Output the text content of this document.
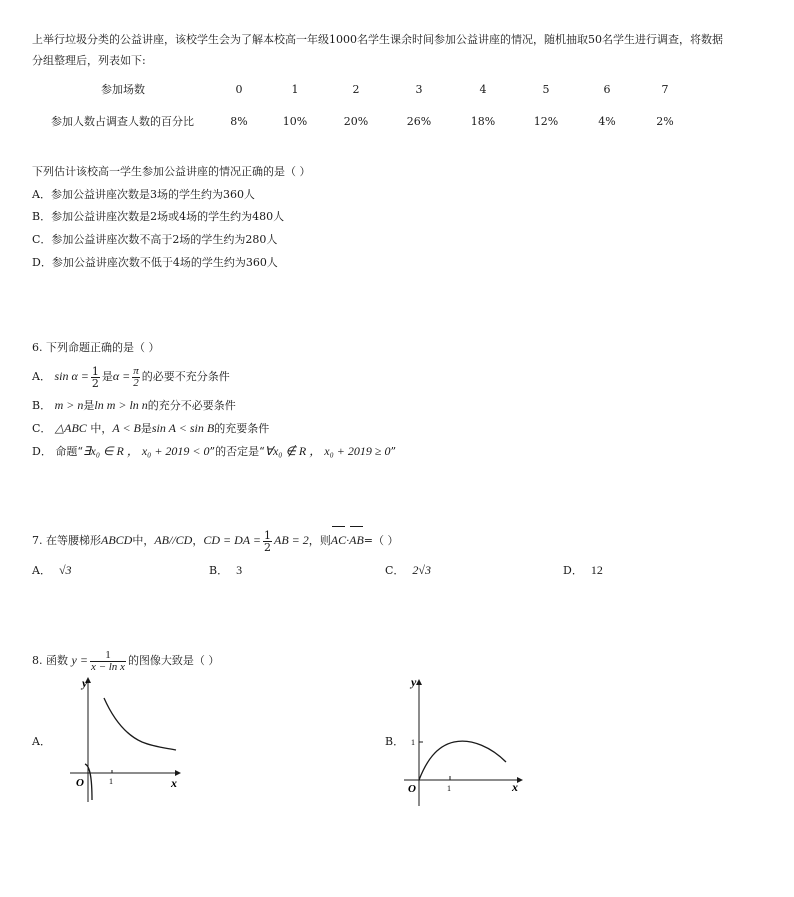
上举行垃圾分类的公益讲座，该校学生会为了解本校高一年级1000名学生课余时间参加公益讲座的情况，随机抽取50名学生进行调查，将数据
分组整理后，列表如下:
参加场数	0	1	2	3	4	5	6	7
参加人数占调查人数的百分比	8%	10%	20%	26%	18%	12%	4%	2%
下列估计该校高一学生参加公益讲座的情况正确的是（ ）
A．参加公益讲座次数是3场的学生约为360人
B．参加公益讲座次数是2场或4场的学生约为480人
C．参加公益讲座次数不高于2场的学生约为280人
D．参加公益讲座次数不低于4场的学生约为360人
6. 下列命题正确的是（ ）
A． $\sin \alpha = \frac{1}{2}$ 是$\alpha = \frac{\pi}{2}$ 的必要不充分条件
B． m > n是ln m > ln n的充分不必要条件
C． △ABC 中，A < B是sin A < sin B的充要条件
D． 命题“∃x₀ ∈ R ， x₀ + 2019 < 0”的否定是“∀x₀ ∉ R ， x₀ + 2019 ≥ 0”
7. 在等腰梯形ABCD中，AB//CD，CD = DA = $\frac{1}{2}$ AB = 2，则AC·AB=（ ）
A． √3	B． 3	C． 2√3	D． 12
8. 函数 $y = \frac{1}{\text{x − ln x}}$ 的图像大致是（ ）
A．
y
x
O	1
B．
y
x
O
1
1
